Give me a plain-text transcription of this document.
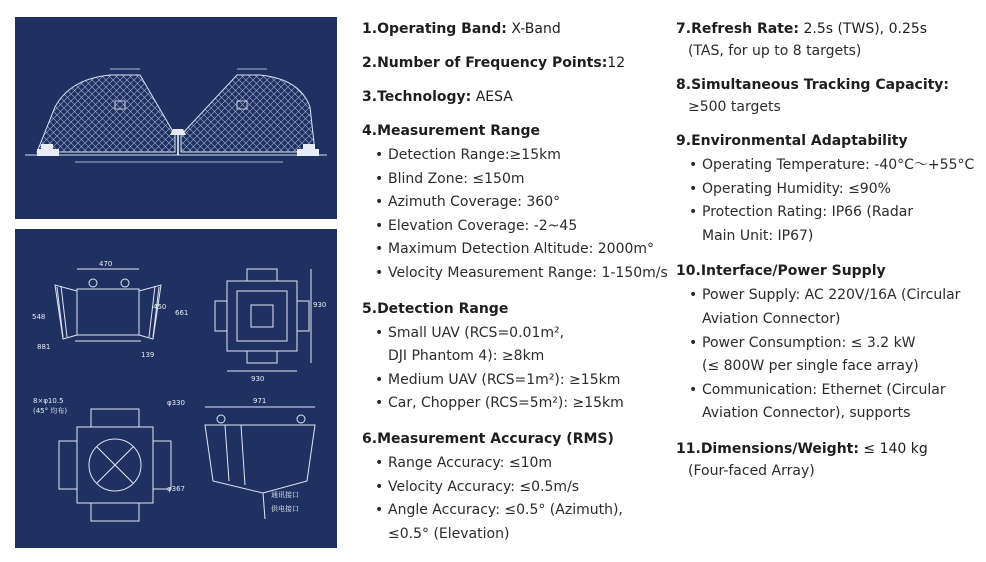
470
548	661
450	930
930
881
139
8×φ10.5
(45° 均布)
φ330
φ367
971
通讯接口
供电接口
1.Operating Band: X-Band
2.Number of Frequency Points:12
3.Technology: AESA
4.Measurement Range
• Detection Range:≥15km
• Blind Zone: ≤150m
• Azimuth Coverage: 360°
• Elevation Coverage: -2~45
• Maximum Detection Altitude: 2000m°
• Velocity Measurement Range: 1-150m/s
5.Detection Range
• Small UAV (RCS=0.01m²,
DJI Phantom 4): ≥8km
• Medium UAV (RCS=1m²): ≥15km
• Car, Chopper (RCS=5m²): ≥15km
6.Measurement Accuracy (RMS)
• Range Accuracy: ≤10m
• Velocity Accuracy: ≤0.5m/s
• Angle Accuracy: ≤0.5° (Azimuth),
≤0.5° (Elevation)
7.Refresh Rate: 2.5s (TWS), 0.25s
(TAS, for up to 8 targets)
8.Simultaneous Tracking Capacity:
≥500 targets
9.Environmental Adaptability
• Operating Temperature: -40°C～+55°C
• Operating Humidity: ≤90%
• Protection Rating: IP66 (Radar
Main Unit: IP67)
10.Interface/Power Supply
• Power Supply: AC 220V/16A (Circular
Aviation Connector)
• Power Consumption: ≤ 3.2 kW
(≤ 800W per single face array)
• Communication: Ethernet (Circular
Aviation Connector), supports
11.Dimensions/Weight: ≤ 140 kg
(Four-faced Array)
